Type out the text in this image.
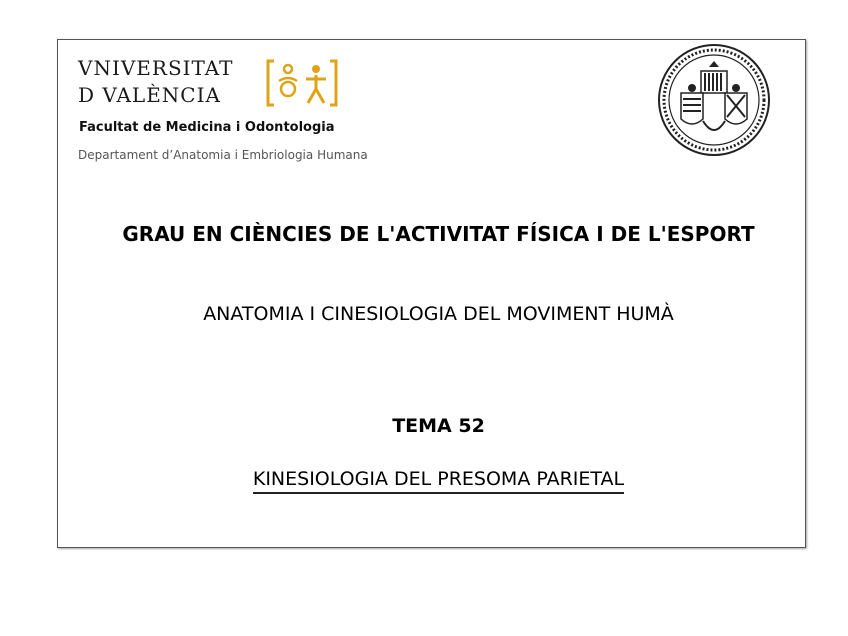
VNIVERSITAT
D VALÈNCIA
Facultat de Medicina i Odontologia
Departament d’Anatomia i Embriologia Humana
GRAU EN CIÈNCIES DE L'ACTIVITAT FÍSICA I DE L'ESPORT
ANATOMIA I CINESIOLOGIA DEL MOVIMENT HUMÀ
TEMA 52
KINESIOLOGIA DEL PRESOMA PARIETAL
